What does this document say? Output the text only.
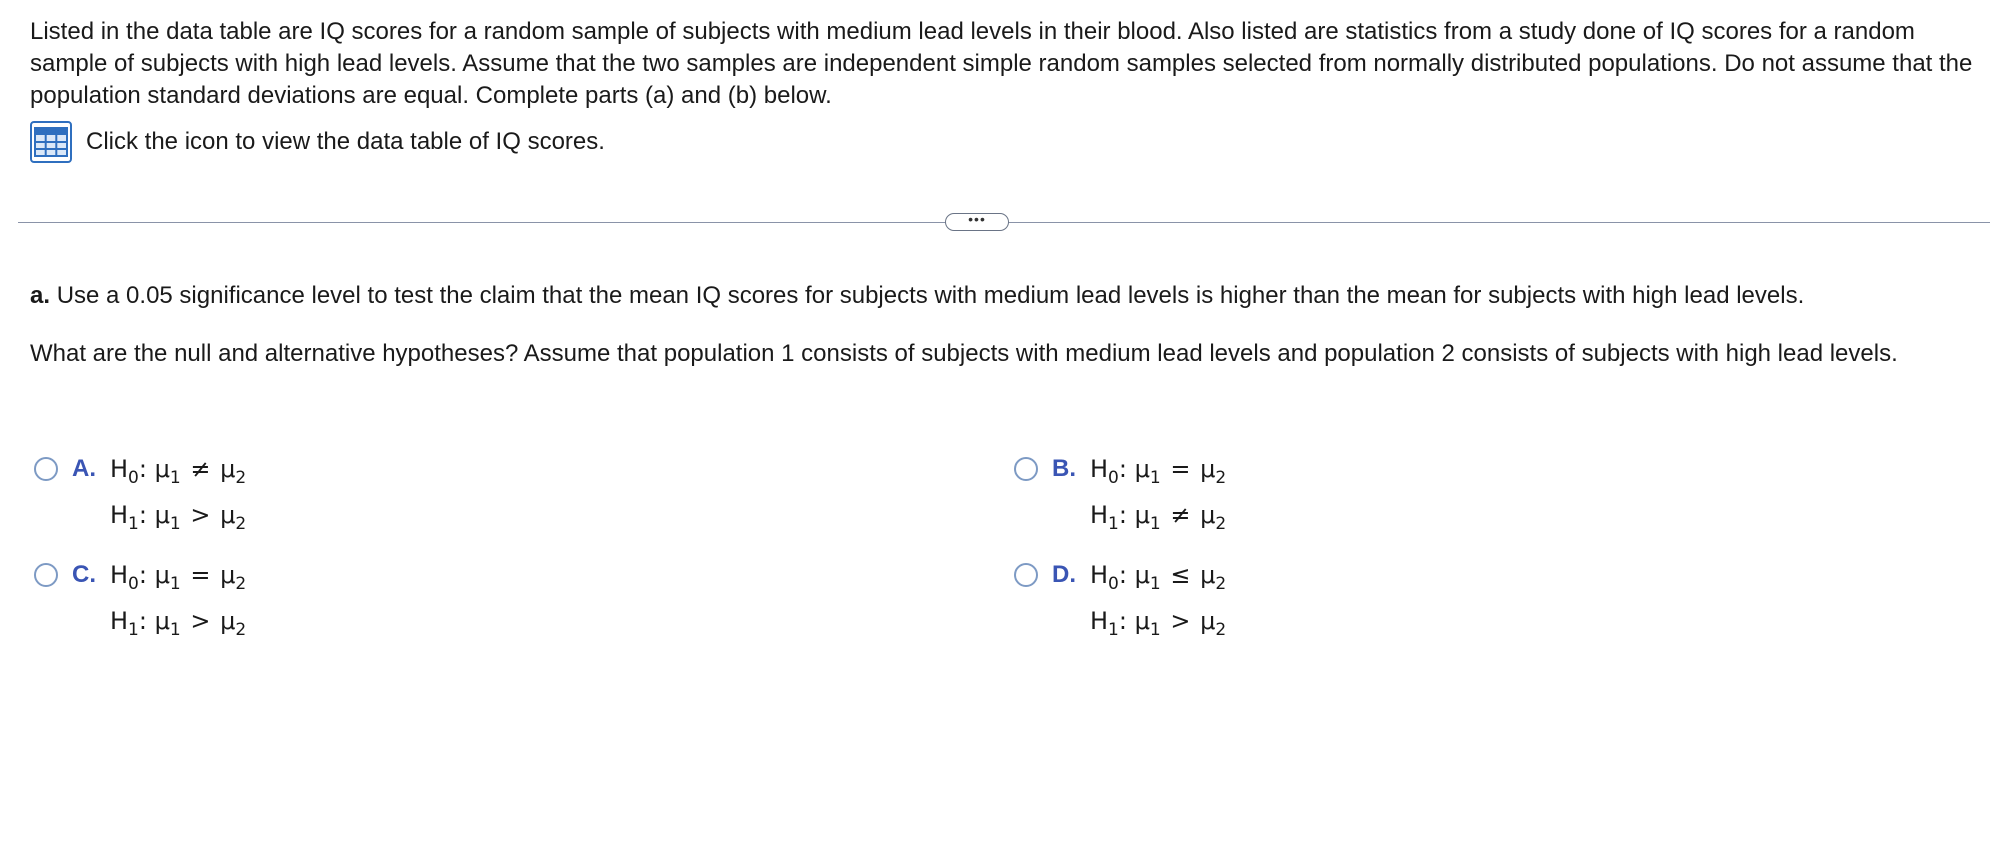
Listed in the data table are IQ scores for a random sample of subjects with medium lead levels in their blood. Also listed are statistics from a study done of IQ scores for a random sample of subjects with high lead levels. Assume that the two samples are independent simple random samples selected from normally distributed populations. Do not assume that the population standard deviations are equal. Complete parts (a) and (b) below.

Click the icon to view the data table of IQ scores.
•••

a. Use a 0.05 significance level to test the claim that the mean IQ scores for subjects with medium lead levels is higher than the mean for subjects with high lead levels.

What are the null and alternative hypotheses? Assume that population 1 consists of subjects with medium lead levels and population 2 consists of subjects with high lead levels.

A. $H_0$: $\mu_1 \ne \mu_2$
$H_1$: $\mu_1 > \mu_2$
B. $H_0$: $\mu_1 = \mu_2$
$H_1$: $\mu_1 \ne \mu_2$
C. $H_0$: $\mu_1 = \mu_2$
$H_1$: $\mu_1 > \mu_2$
D. $H_0$: $\mu_1 \le \mu_2$
$H_1$: $\mu_1 > \mu_2$
